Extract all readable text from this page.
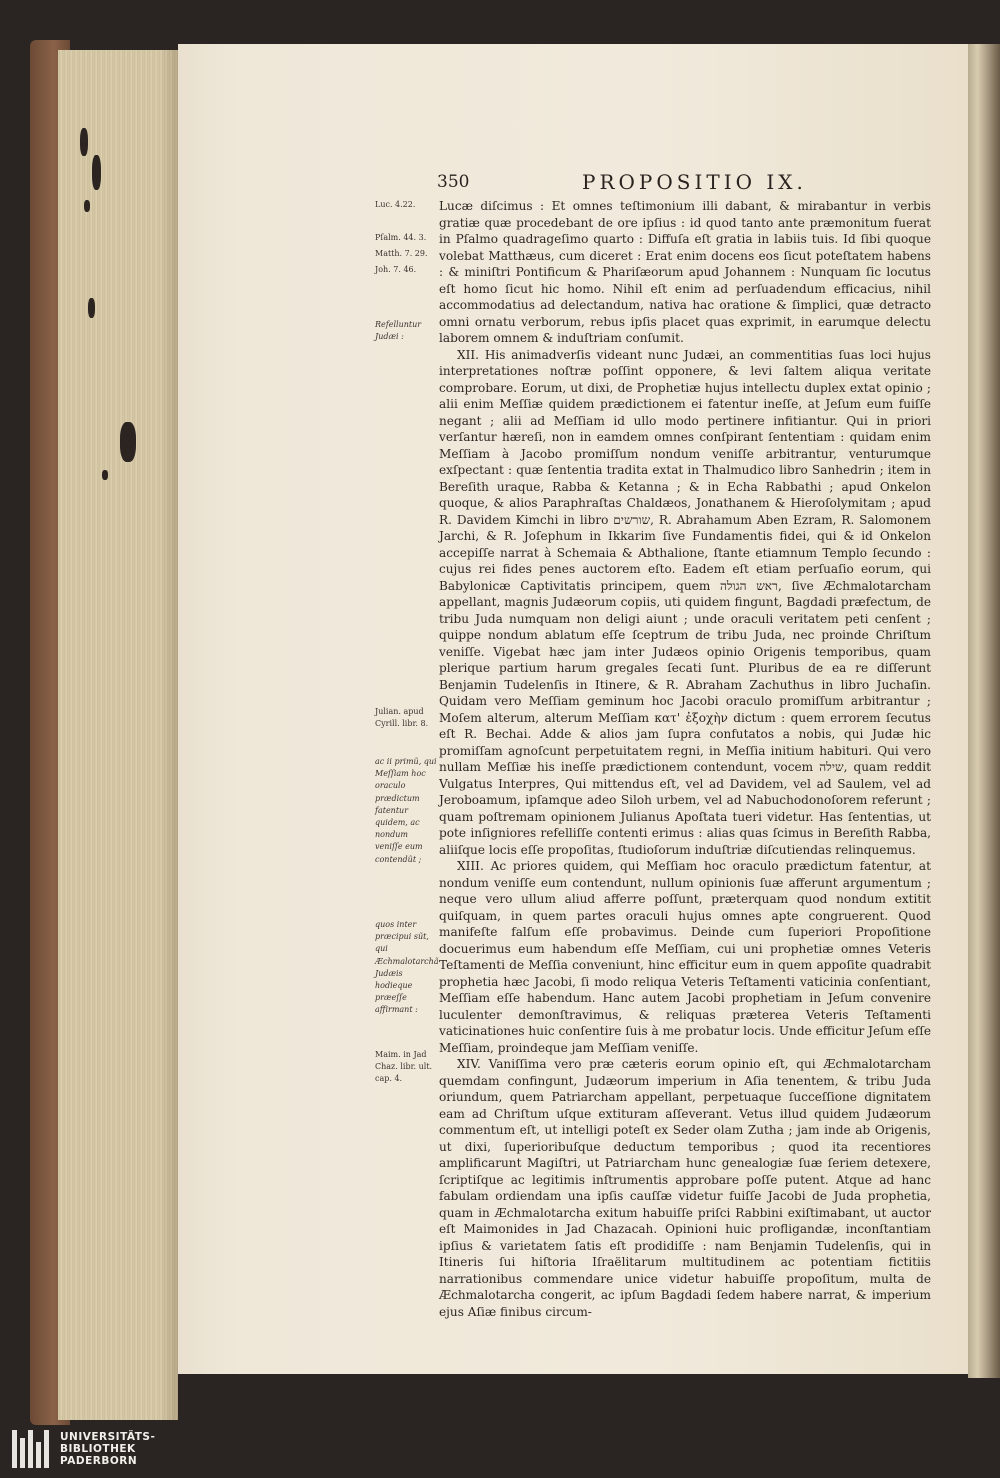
350	PROPOSITIO IX.
Luc. 4.22.
Pſalm. 44. 3.
Matth. 7. 29.
Joh. 7. 46.
Refelluntur Judæi :
Julian. apud Cyrill. libr. 8.
ac ii primũ, qui Meſſiam hoc oraculo prædictum fatentur quidem, ac nondum veniſſe eum contendũt ;
quos inter præcipui sũt, qui Æchmalotarchã Judæis hodieque præeſſe affirmant :
Maim. in Jad Chaz. libr. ult. cap. 4.

Lucæ diſcimus : Et omnes teſtimonium illi dabant, & mirabantur in verbis gratiæ quæ procedebant de ore ipſius : id quod tanto ante præmonitum fuerat in Pſalmo quadrageſimo quarto : Diffuſa eſt gratia in labiis tuis. Id ſibi quoque volebat Matthæus, cum diceret : Erat enim docens eos ſicut poteſtatem habens : & miniſtri Pontificum & Phariſæorum apud Johannem : Nunquam ſic locutus eſt homo ſicut hic homo. Nihil eſt enim ad perſuadendum efficacius, nihil accommodatius ad delectandum, nativa hac oratione & ſimplici, quæ detracto omni ornatu verborum, rebus ipſis placet quas exprimit, in earumque delectu laborem omnem & induſtriam conſumit.

XII. His animadverſis videant nunc Judæi, an commentitias ſuas loci hujus interpretationes noſtræ poſſint opponere, & levi ſaltem aliqua veritate comprobare. Eorum, ut dixi, de Prophetiæ hujus intellectu duplex extat opinio ; alii enim Meſſiæ quidem prædictionem ei fatentur ineſſe, at Jeſum eum fuiſſe negant ; alii ad Meſſiam id ullo modo pertinere infitiantur. Qui in priori verſantur hæreſi, non in eamdem omnes conſpirant ſententiam : quidam enim Meſſiam à Jacobo promiſſum nondum veniſſe arbitrantur, venturumque exſpectant : quæ ſententia tradita extat in Thalmudico libro Sanhedrin ; item in Bereſith uraque, Rabba & Ketanna ; & in Echa Rabbathi ; apud Onkelon quoque, & alios Paraphraſtas Chaldæos, Jonathanem & Hieroſolymitam ; apud R. Davidem Kimchi in libro שורשים, R. Abrahamum Aben Ezram, R. Salomonem Jarchi, & R. Joſephum in Ikkarim ſive Fundamentis fidei, qui & id Onkelon accepiſſe narrat à Schemaia & Abthalione, ſtante etiamnum Templo ſecundo : cujus rei fides penes auctorem eſto. Eadem eſt etiam perſuaſio eorum, qui Babylonicæ Captivitatis principem, quem ראש הגולה, ſive Æchmalotarcham appellant, magnis Judæorum copiis, uti quidem fingunt, Bagdadi præfectum, de tribu Juda numquam non deligi aiunt ; unde oraculi veritatem peti cenſent ; quippe nondum ablatum eſſe ſceptrum de tribu Juda, nec proinde Chriſtum veniſſe. Vigebat hæc jam inter Judæos opinio Origenis temporibus, quam plerique partium harum gregales ſecati ſunt. Pluribus de ea re diſſerunt Benjamin Tudelenſis in Itinere, & R. Abraham Zachuthus in libro Juchaſin. Quidam vero Meſſiam geminum hoc Jacobi oraculo promiſſum arbitrantur ; Moſem alterum, alterum Meſſiam κατ' ἐξοχὴν dictum : quem errorem ſecutus eſt R. Bechai. Adde & alios jam ſupra confutatos a nobis, qui Judæ hic promiſſam agnoſcunt perpetuitatem regni, in Meſſia initium habituri. Qui vero nullam Meſſiæ his ineſſe prædictionem contendunt, vocem שילה, quam reddit Vulgatus Interpres, Qui mittendus eſt, vel ad Davidem, vel ad Saulem, vel ad Jeroboamum, ipſamque adeo Siloh urbem, vel ad Nabuchodonoſorem referunt ; quam poſtremam opinionem Julianus Apoſtata tueri videtur. Has ſententias, ut pote inſigniores refelliſſe contenti erimus : alias quas ſcimus in Bereſith Rabba, aliiſque locis eſſe propoſitas, ſtudioſorum induſtriæ diſcutiendas relinquemus.

XIII. Ac priores quidem, qui Meſſiam hoc oraculo prædictum fatentur, at nondum veniſſe eum contendunt, nullum opinionis ſuæ afferunt argumentum ; neque vero ullum aliud afferre poſſunt, præterquam quod nondum extitit quiſquam, in quem partes oraculi hujus omnes apte congruerent. Quod manifeſte falſum eſſe probavimus. Deinde cum ſuperiori Propoſitione docuerimus eum habendum eſſe Meſſiam, cui uni prophetiæ omnes Veteris Teſtamenti de Meſſia conveniunt, hinc efficitur eum in quem appoſite quadrabit prophetia hæc Jacobi, ſi modo reliqua Veteris Teſtamenti vaticinia conſentiant, Meſſiam eſſe habendum. Hanc autem Jacobi prophetiam in Jeſum convenire luculenter demonſtravimus, & reliquas præterea Veteris Teſtamenti vaticinationes huic conſentire ſuis à me probatur locis. Unde efficitur Jeſum eſſe Meſſiam, proindeque jam Meſſiam veniſſe.

XIV. Vaniſſima vero præ cæteris eorum opinio eſt, qui Æchmalotarcham quemdam confingunt, Judæorum imperium in Aſia tenentem, & tribu Juda oriundum, quem Patriarcham appellant, perpetuaque ſucceſſione dignitatem eam ad Chriſtum uſque extituram aſſeverant. Vetus illud quidem Judæorum commentum eſt, ut intelligi poteſt ex Seder olam Zutha ; jam inde ab Origenis, ut dixi, ſuperioribuſque deductum temporibus ; quod ita recentiores amplificarunt Magiſtri, ut Patriarcham hunc genealogiæ ſuæ ſeriem detexere, ſcriptiſque ac legitimis inſtrumentis approbare poſſe putent. Atque ad hanc fabulam ordiendam una ipſis cauſſæ videtur fuiſſe Jacobi de Juda prophetia, quam in Æchmalotarcha exitum habuiſſe priſci Rabbini exiſtimabant, ut auctor eſt Maimonides in Jad Chazacah. Opinioni huic profligandæ, inconſtantiam ipſius & varietatem ſatis eſt prodidiſſe : nam Benjamin Tudelenſis, qui in Itineris ſui hiſtoria Iſraëlitarum multitudinem ac potentiam fictitiis narrationibus commendare unice videtur habuiſſe propoſitum, multa de Æchmalotarcha congerit, ac ipſum Bagdadi ſedem habere narrat, & imperium ejus Aſiæ finibus circum-

UNIVERSITÄTS-
BIBLIOTHEK
PADERBORN
